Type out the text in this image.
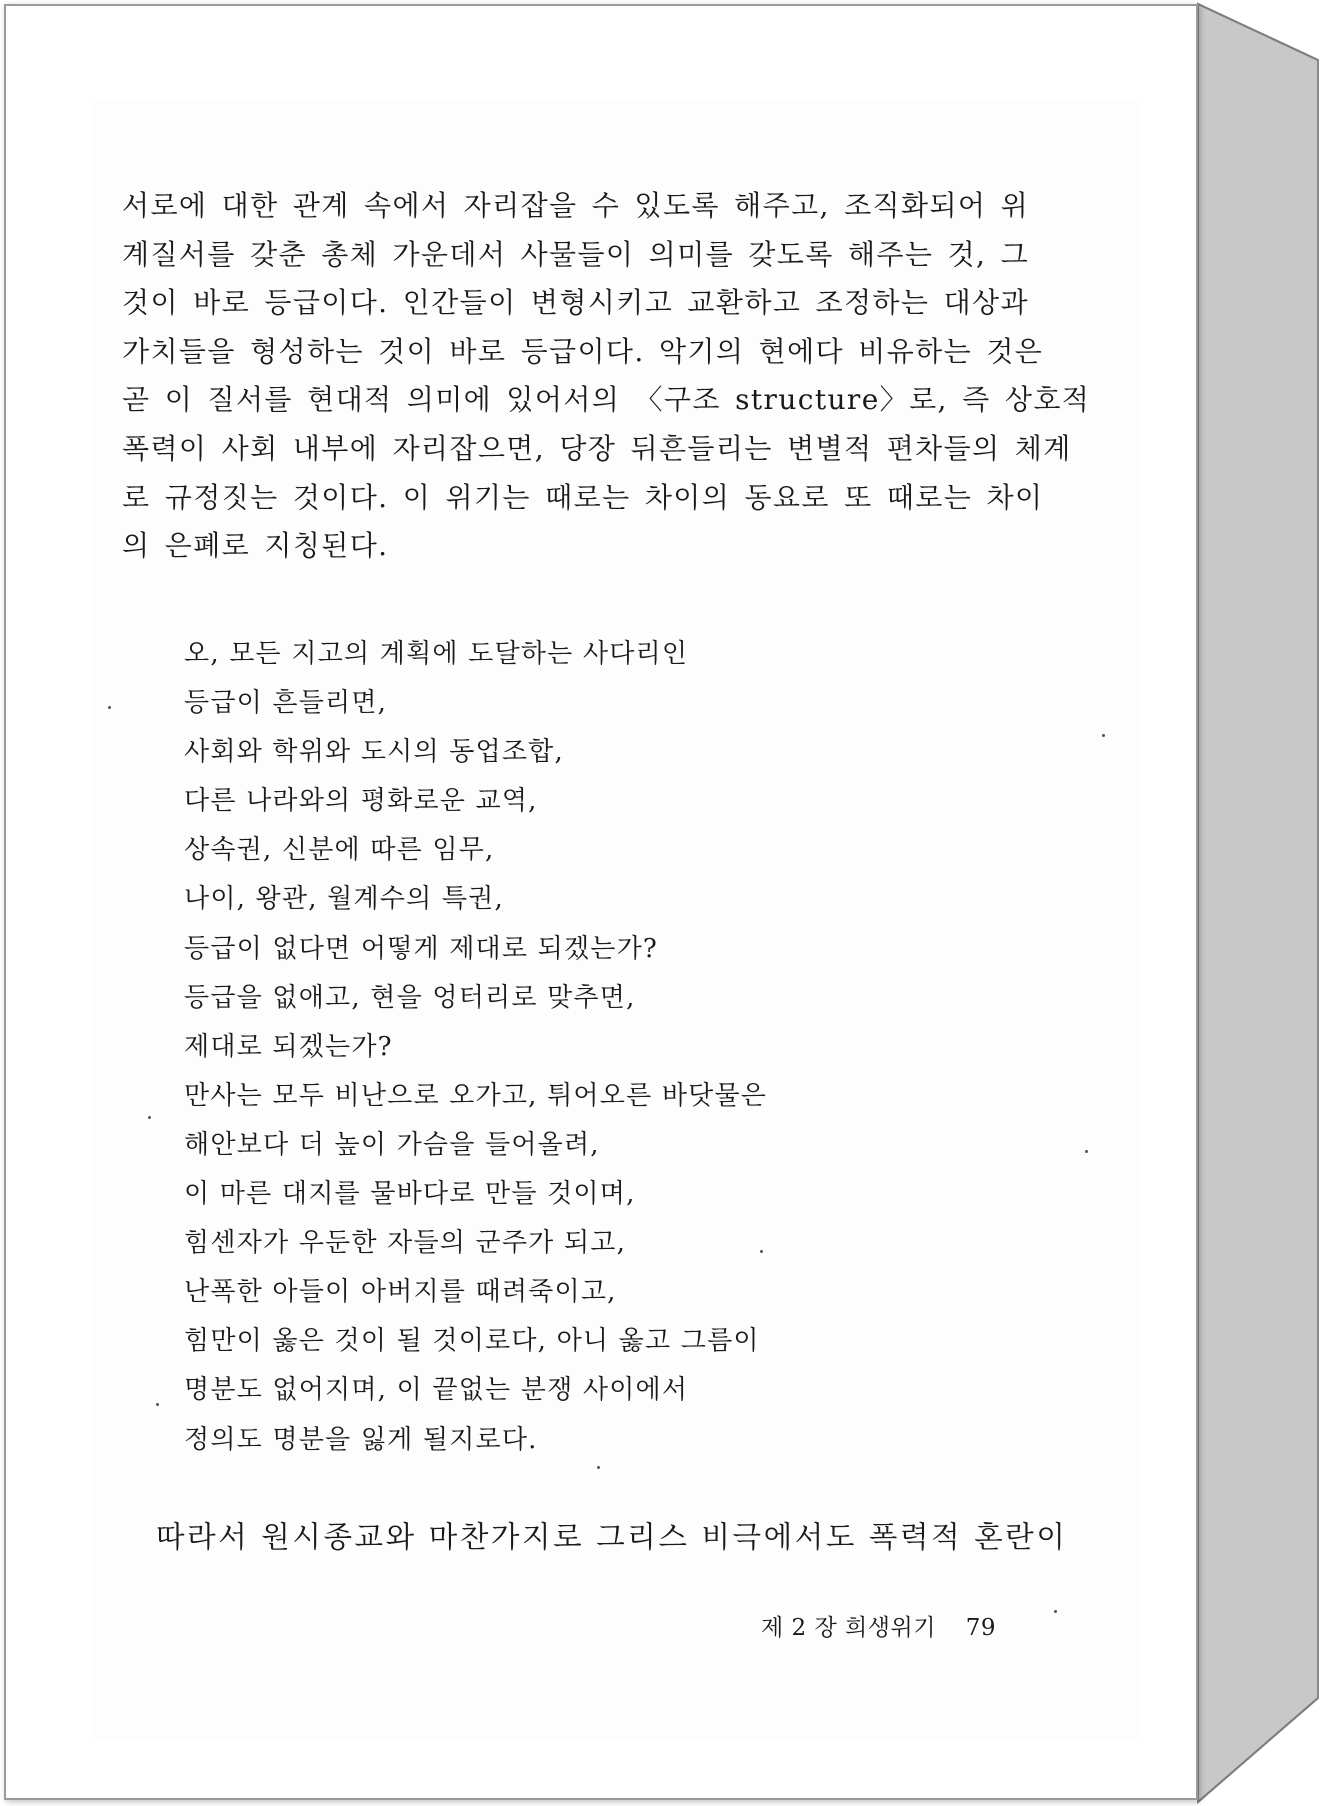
서로에 대한 관계 속에서 자리잡을 수 있도록 해주고, 조직화되어 위
계질서를 갖춘 총체 가운데서 사물들이 의미를 갖도록 해주는 것, 그
것이 바로 등급이다. 인간들이 변형시키고 교환하고 조정하는 대상과
가치들을 형성하는 것이 바로 등급이다. 악기의 현에다 비유하는 것은
곧 이 질서를 현대적 의미에 있어서의 〈구조 structure〉로, 즉 상호적
폭력이 사회 내부에 자리잡으면, 당장 뒤흔들리는 변별적 편차들의 체계
로 규정짓는 것이다. 이 위기는 때로는 차이의 동요로 또 때로는 차이
의 은폐로 지칭된다.
오, 모든 지고의 계획에 도달하는 사다리인
등급이 흔들리면,
사회와 학위와 도시의 동업조합,
다른 나라와의 평화로운 교역,
상속권, 신분에 따른 임무,
나이, 왕관, 월계수의 특권,
등급이 없다면 어떻게 제대로 되겠는가?
등급을 없애고, 현을 엉터리로 맞추면,
제대로 되겠는가?
만사는 모두 비난으로 오가고, 튀어오른 바닷물은
해안보다 더 높이 가슴을 들어올려,
이 마른 대지를 물바다로 만들 것이며,
힘센자가 우둔한 자들의 군주가 되고,
난폭한 아들이 아버지를 때려죽이고,
힘만이 옳은 것이 될 것이로다, 아니 옳고 그름이
명분도 없어지며, 이 끝없는 분쟁 사이에서
정의도 명분을 잃게 될지로다.

따라서 원시종교와 마찬가지로 그리스 비극에서도 폭력적 혼란이

제 2 장 희생위기 79
